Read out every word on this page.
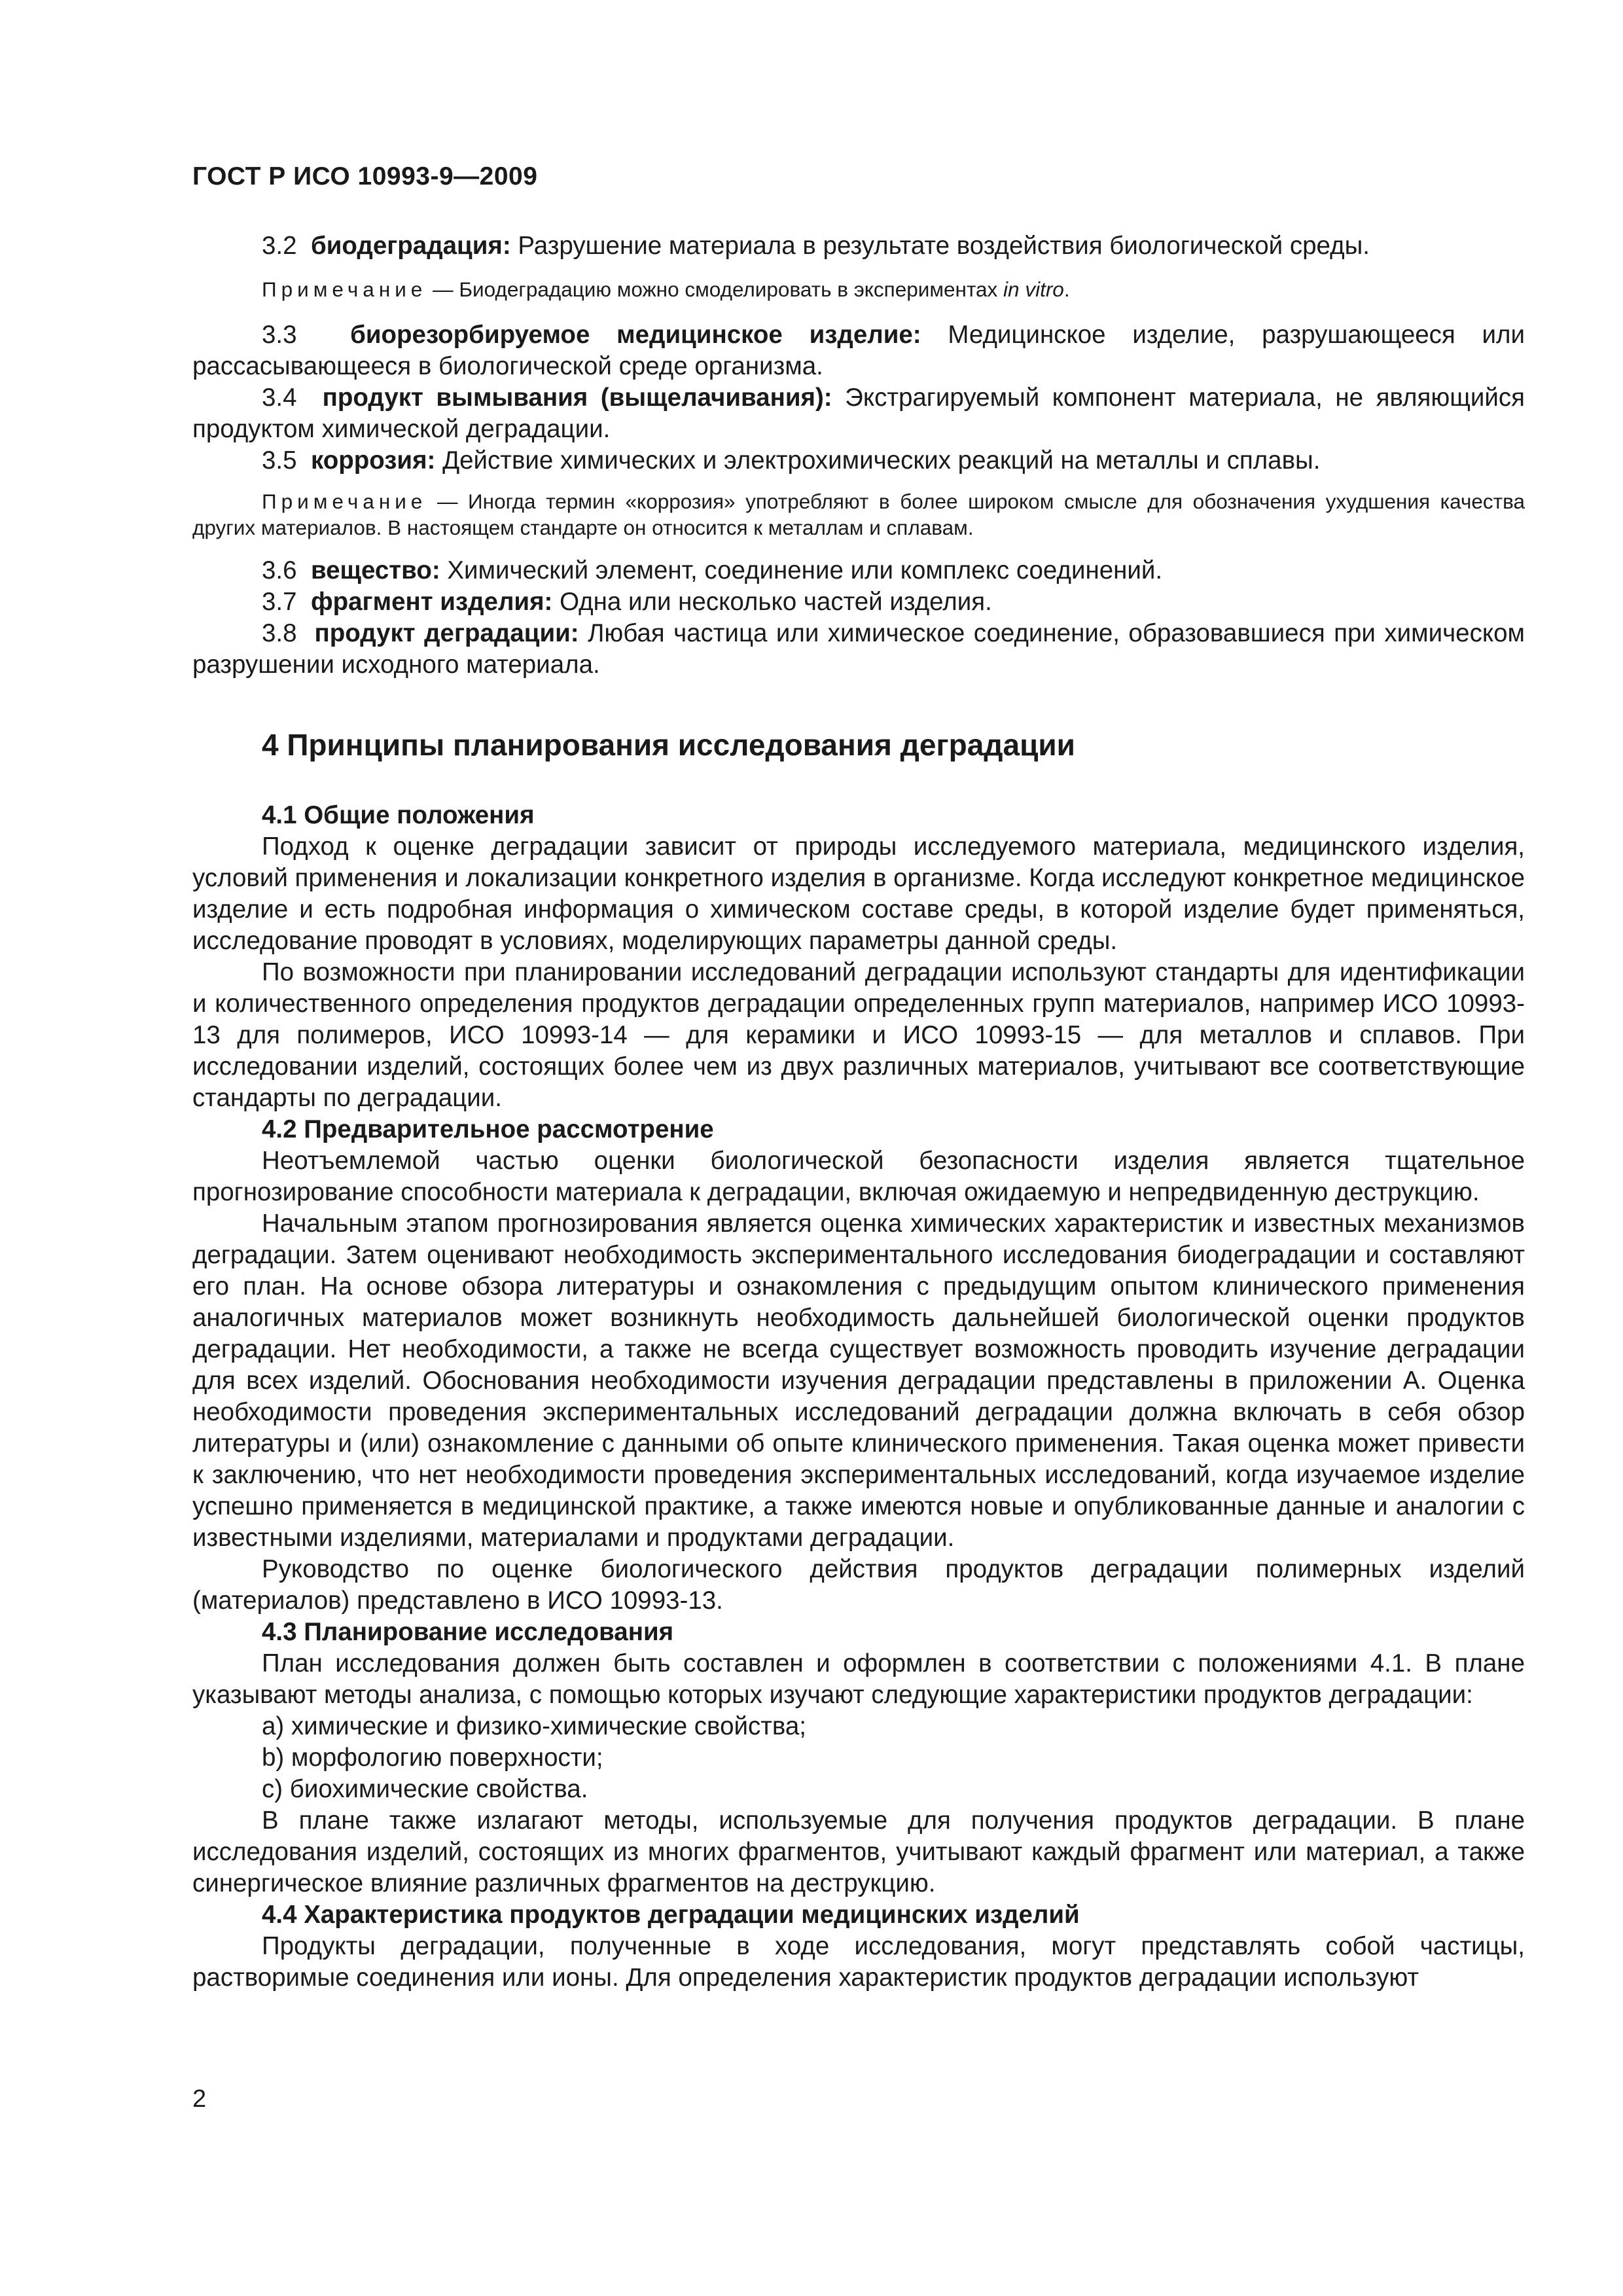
ГОСТ Р ИСО 10993-9—2009

3.2 биодеградация: Разрушение материала в результате воздействия биологической среды.

Примечание — Биодеградацию можно смоделировать в экспериментах in vitro.

3.3 биорезорбируемое медицинское изделие: Медицинское изделие, разрушающееся или рассасывающееся в биологической среде организма.

3.4 продукт вымывания (выщелачивания): Экстрагируемый компонент материала, не являющийся продуктом химической деградации.

3.5 коррозия: Действие химических и электрохимических реакций на металлы и сплавы.

Примечание — Иногда термин «коррозия» употребляют в более широком смысле для обозначения ухудшения качества других материалов. В настоящем стандарте он относится к металлам и сплавам.

3.6 вещество: Химический элемент, соединение или комплекс соединений.

3.7 фрагмент изделия: Одна или несколько частей изделия.

3.8 продукт деградации: Любая частица или химическое соединение, образовавшиеся при химическом разрушении исходного материала.

4 Принципы планирования исследования деградации

4.1 Общие положения

Подход к оценке деградации зависит от природы исследуемого материала, медицинского изделия, условий применения и локализации конкретного изделия в организме. Когда исследуют конкретное медицинское изделие и есть подробная информация о химическом составе среды, в которой изделие будет применяться, исследование проводят в условиях, моделирующих параметры данной среды.

По возможности при планировании исследований деградации используют стандарты для идентификации и количественного определения продуктов деградации определенных групп материалов, например ИСО 10993-13 для полимеров, ИСО 10993-14 — для керамики и ИСО 10993-15 — для металлов и сплавов. При исследовании изделий, состоящих более чем из двух различных материалов, учитывают все соответствующие стандарты по деградации.

4.2 Предварительное рассмотрение

Неотъемлемой частью оценки биологической безопасности изделия является тщательное прогнозирование способности материала к деградации, включая ожидаемую и непредвиденную деструкцию.

Начальным этапом прогнозирования является оценка химических характеристик и известных механизмов деградации. Затем оценивают необходимость экспериментального исследования биодеградации и составляют его план. На основе обзора литературы и ознакомления с предыдущим опытом клинического применения аналогичных материалов может возникнуть необходимость дальнейшей биологической оценки продуктов деградации. Нет необходимости, а также не всегда существует возможность проводить изучение деградации для всех изделий. Обоснования необходимости изучения деградации представлены в приложении А. Оценка необходимости проведения экспериментальных исследований деградации должна включать в себя обзор литературы и (или) ознакомление с данными об опыте клинического применения. Такая оценка может привести к заключению, что нет необходимости проведения экспериментальных исследований, когда изучаемое изделие успешно применяется в медицинской практике, а также имеются новые и опубликованные данные и аналогии с известными изделиями, материалами и продуктами деградации.

Руководство по оценке биологического действия продуктов деградации полимерных изделий (материалов) представлено в ИСО 10993-13.

4.3 Планирование исследования

План исследования должен быть составлен и оформлен в соответствии с положениями 4.1. В плане указывают методы анализа, с помощью которых изучают следующие характеристики продуктов деградации:

a) химические и физико-химические свойства;

b) морфологию поверхности;

c) биохимические свойства.

В плане также излагают методы, используемые для получения продуктов деградации. В плане исследования изделий, состоящих из многих фрагментов, учитывают каждый фрагмент или материал, а также синергическое влияние различных фрагментов на деструкцию.

4.4 Характеристика продуктов деградации медицинских изделий

Продукты деградации, полученные в ходе исследования, могут представлять собой частицы, растворимые соединения или ионы. Для определения характеристик продуктов деградации используют

2
